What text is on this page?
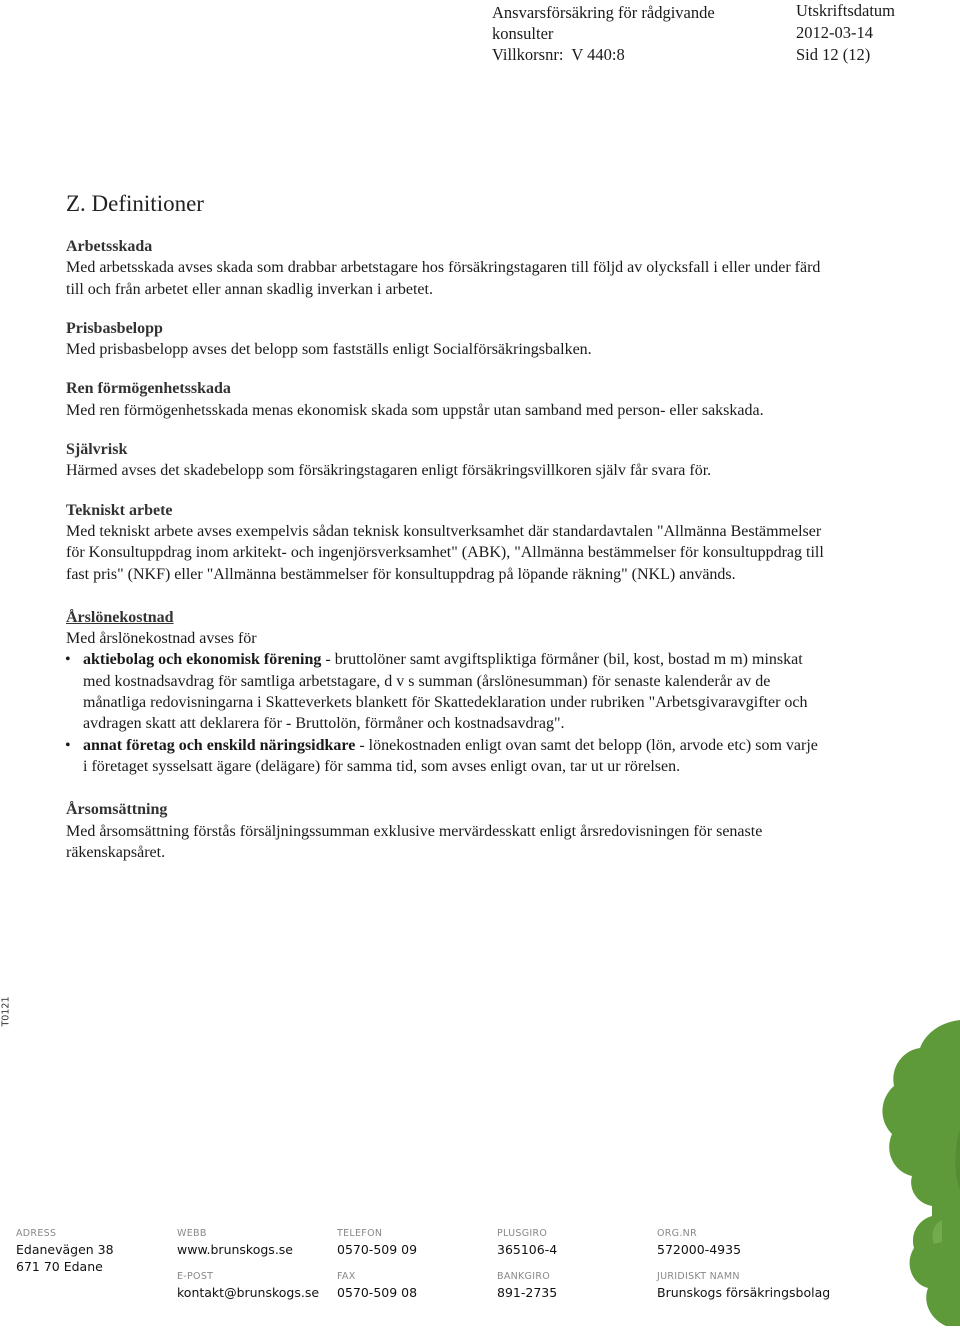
Ansvarsförsäkring för rådgivande
konsulter
Villkorsnr:  V 440:8
Utskriftsdatum
2012-03-14
Sid 12 (12)
T0121
Z. Definitioner
Arbetsskada

Med arbetsskada avses skada som drabbar arbetstagare hos försäkringstagaren till följd av olycksfall i eller under färd till och från arbetet eller annan skadlig inverkan i arbetet.

Prisbasbelopp

Med prisbasbelopp avses det belopp som fastställs enligt Socialförsäkringsbalken.

Ren förmögenhetsskada

Med ren förmögenhetsskada menas ekonomisk skada som uppstår utan samband med person- eller sakskada.

Självrisk

Härmed avses det skadebelopp som försäkringstagaren enligt försäkringsvillkoren själv får svara för.

Tekniskt arbete

Med tekniskt arbete avses exempelvis sådan teknisk konsultverksamhet där standardavtalen "Allmänna Bestämmelser för Konsultuppdrag inom arkitekt- och ingenjörsverksamhet" (ABK), "Allmänna bestämmelser för konsultuppdrag till fast pris" (NKF) eller "Allmänna bestämmelser för konsultuppdrag på löpande räkning" (NKL) används.

Årslönekostnad

Med årslönekostnad avses för

• aktiebolag och ekonomisk förening - bruttolöner samt avgiftspliktiga förmåner (bil, kost, bostad m m) minskat med kostnadsavdrag för samtliga arbetstagare, d v s summan (årslönesumman) för senaste kalenderår av de månatliga redovisningarna i Skatteverkets blankett för Skattedeklaration under rubriken "Arbetsgivaravgifter och avdragen skatt att deklarera för - Bruttolön, förmåner och kostnadsavdrag".
• annat företag och enskild näringsidkare - lönekostnaden enligt ovan samt det belopp (lön, arvode etc) som varje i företaget sysselsatt ägare (delägare) för samma tid, som avses enligt ovan, tar ut ur rörelsen.
Årsomsättning

Med årsomsättning förstås försäljningssumman exklusive mervärdesskatt enligt årsredovisningen för senaste räkenskapsåret.

ADRESS
Edanevägen 38
671 70 Edane
WEBB
www.brunskogs.se
E-POST
kontakt@brunskogs.se
TELEFON
0570-509 09
FAX
0570-509 08
PLUSGIRO
365106-4
BANKGIRO
891-2735
ORG.NR
572000-4935
JURIDISKT NAMN
Brunskogs försäkringsbolag
